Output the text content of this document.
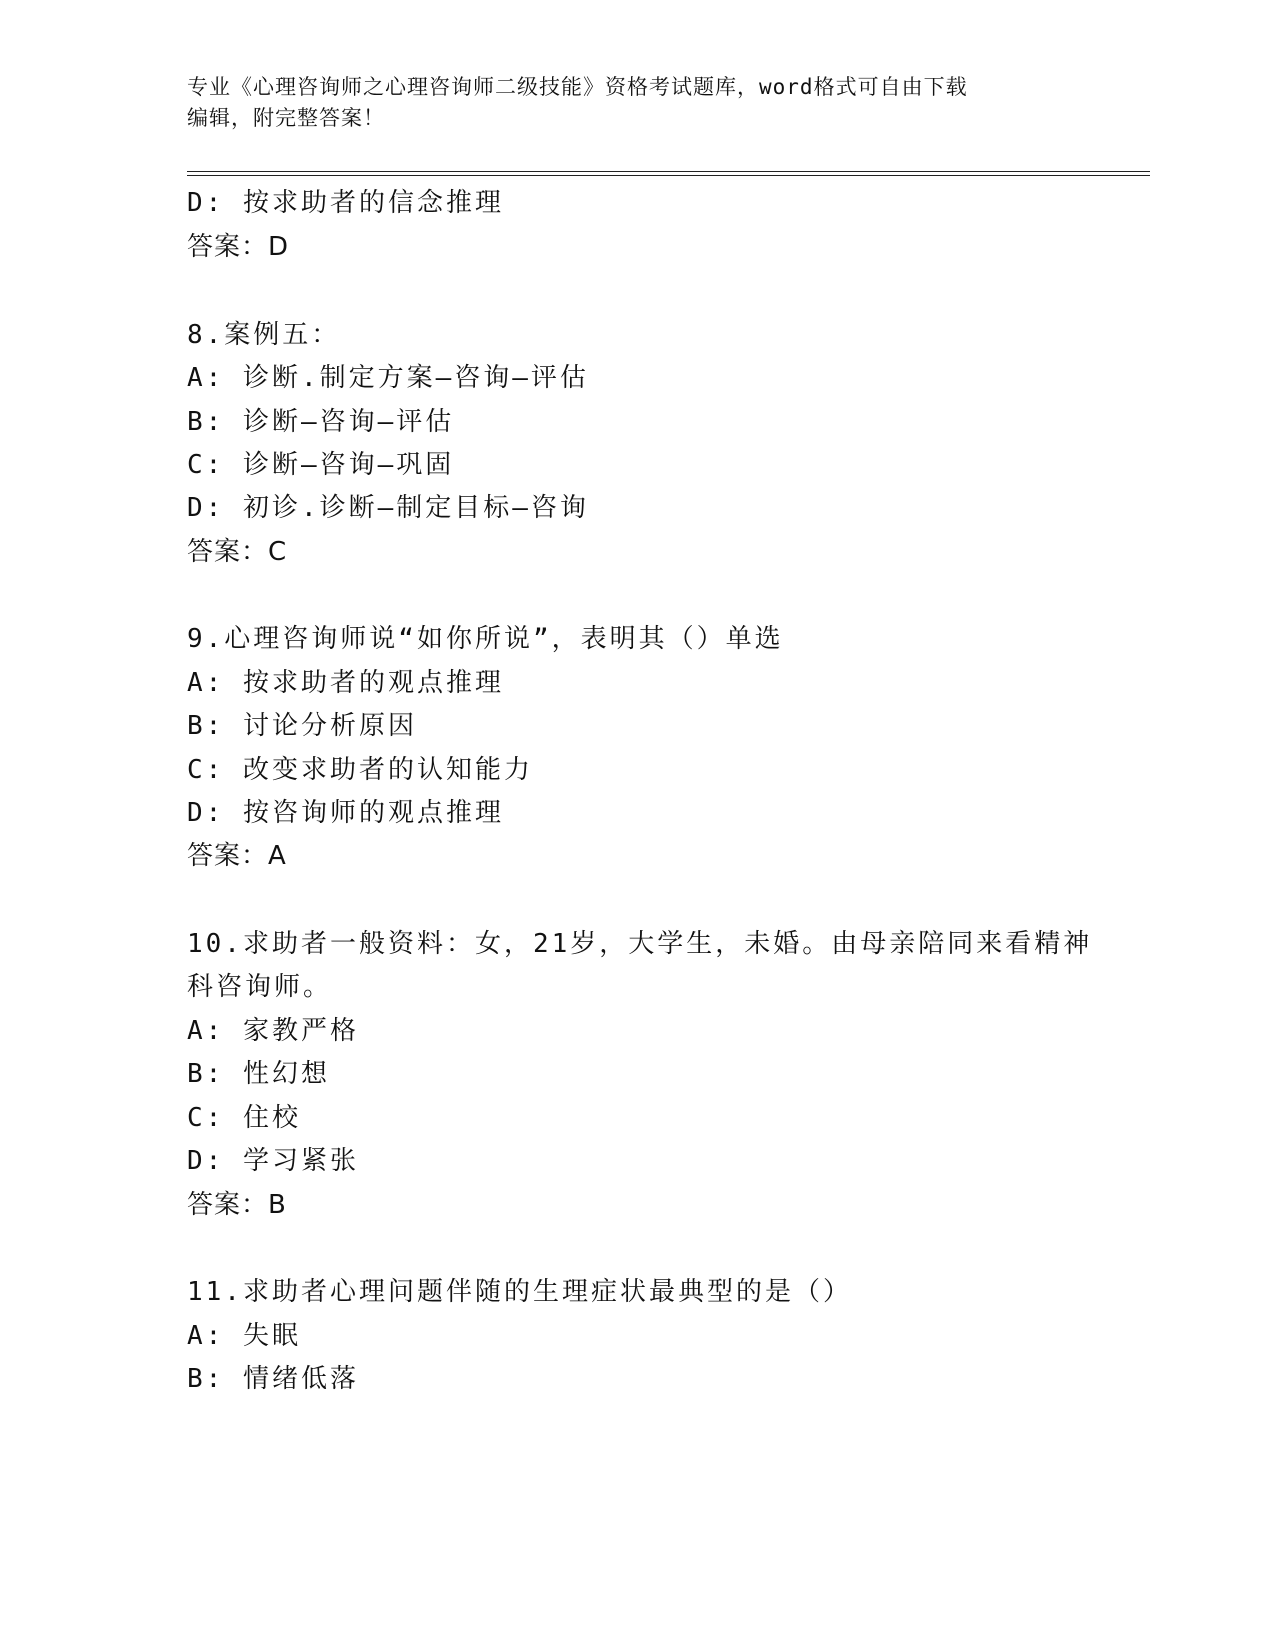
专业《心理咨询师之心理咨询师二级技能》资格考试题库，word格式可自由下载
编辑，附完整答案！
D: 按求助者的信念推理
答案：D
8.案例五：
A: 诊断.制定方案—咨询—评估
B: 诊断—咨询—评估
C: 诊断—咨询—巩固
D: 初诊.诊断—制定目标—咨询
答案：C
9.心理咨询师说“如你所说”，表明其（）单选
A: 按求助者的观点推理
B: 讨论分析原因
C: 改变求助者的认知能力
D: 按咨询师的观点推理
答案：A
10.求助者一般资料：女，21岁，大学生，未婚。由母亲陪同来看精神
科咨询师。
A: 家教严格
B: 性幻想
C: 住校
D: 学习紧张
答案：B
11.求助者心理问题伴随的生理症状最典型的是（）
A: 失眠
B: 情绪低落
